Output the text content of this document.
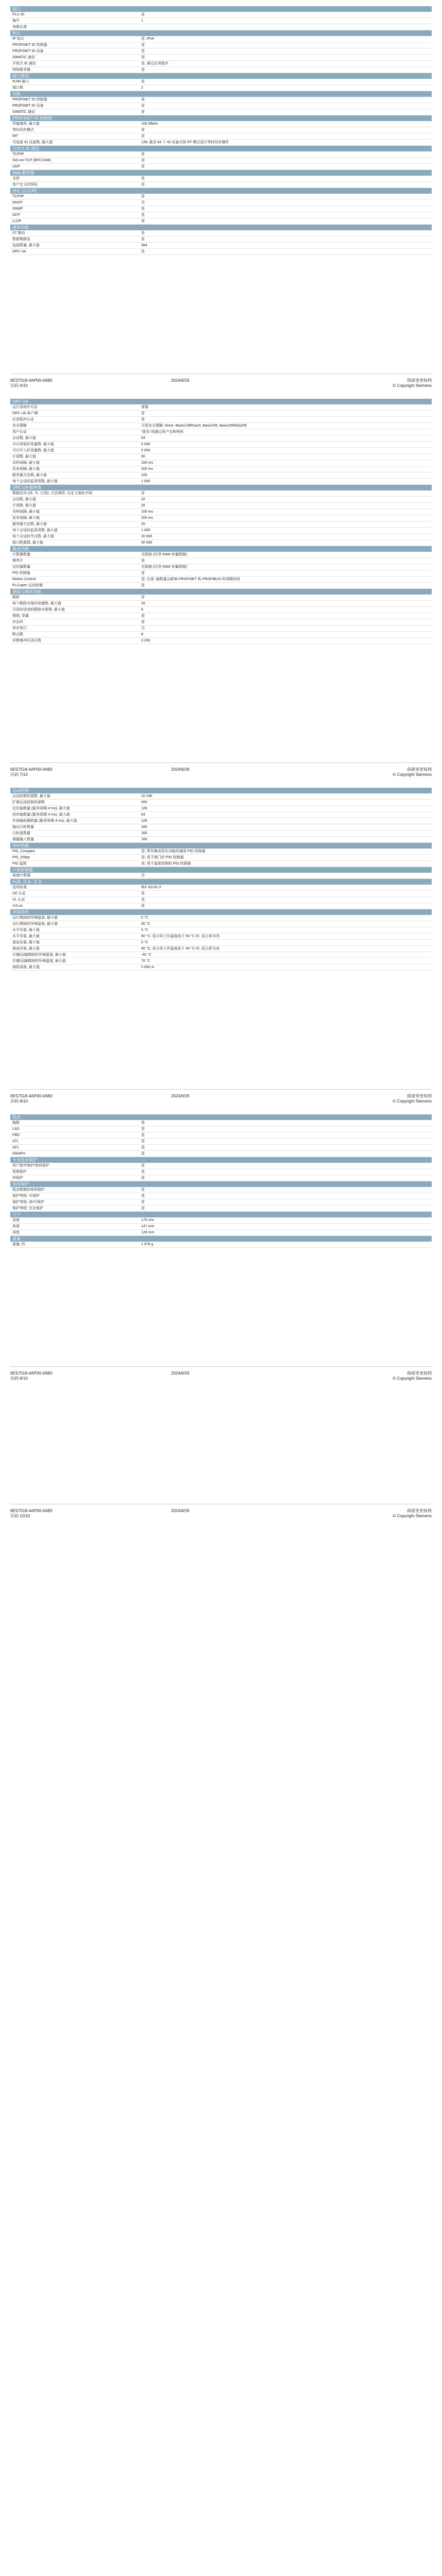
接口
PLC-IO	是
编号	1
电缆长度
协议
IP 协议	是, IPv4
PROFINET IO 控制器	是
PROFINET IO 设备	是
SIMATIC 通信	是
开放式 IE 通信	是, 通过应用程序
网络服务器	是
接口类型
RJ45 插口	是
端口数	2
功能
PROFINET IO 控制器	是
PROFINET IO 设备	是
SIMATIC 通信	是
PROFINET IO 控制器
传输速率, 最大值	100 Mbit/s
等时同步模式	是
IRT	是
可连接 IO 设备数, 最大值	128; 最多 64 个 IO 设备可按 RT 模式进行等时同步操作
开放式 IE 通信
TCP/IP	是
ISO-on-TCP (RFC1006)	是
UDP	是
Web 服务器
支持	是
用户定义的网站	是
协议 (以太网)
TCP/IP	是
DHCP	否
SNMP	是
DCP	是
LLDP	是
通讯功能
S7 路由	是
数据集路由	是
连接数量, 最大值	384
OPC UA	是
6ES7518-4AP00-0AB0
页码 6/10
2024/6/26	保留变更权利
© Copyright Siemens
OPC UA
运行系统许可证	需要
OPC UA 客户端	是
应用程序认证	是
安全策略	可用安全策略: None, Basic128Rsa15, Basic256, Basic256Sha256
用户认证	"匿名"或通过用户名和密码
会话数, 最大值	64
可以读取的变量数, 最大值	5 000
可以写入的变量数, 最大值	5 000
订阅数, 最大值	50
采样间隔, 最小值	100 ms
发布间隔, 最小值	200 ms
服务器方法数, 最大值	100
每个会话的监视项数, 最大值	1 000
OPC UA 服务器
数据访问 (读, 写, 订阅), 方法调用, 自定义地址空间	是
会话数, 最大值	32
订阅数, 最大值	20
采样间隔, 最小值	100 ms
发布间隔, 最小值	200 ms
服务器方法数, 最大值	20
每个会话的监视项数, 最大值	1 000
每个会话的节点数, 最大值	20 000
接口配置数, 最大值	30 000
集成功能
计数器数量	无限制 (仅受 RAM 容量限制)
频率计	是
定时器数量	无限制 (仅受 RAM 容量限制)
PID 控制器	是
Motion Control	是; 注意: 轴数量会影响 PROFINET 和 PROFIBUS 的周期时间
PLCopen 运动控制	是
测试与调试功能
跟踪	是
每个跟踪对象的变量数, 最大值	16
可同时活动的跟踪对象数, 最大值	8
强制, 变量	是
状态块	是
单步执行	否
断点数	8
诊断缓冲区条目数	3 200
6ES7518-4AP00-0AB0
页码 7/10
2024/6/26	保留变更权利
© Copyright Siemens
运动控制
运动控制资源数, 最大值	10 240
扩展运动控制资源数	500
定位轴数量 (服务周期 4 ms), 最大值	128
同步轴数量 (服务周期 4 ms), 最大值	64
外部编码器数量 (服务周期 4 ms), 最大值	128
输出凸轮数量	160
凸轮盘数量	160
测量输入数量	160
闭环控制
PID_Compact	是; 带有集成优化功能的通用 PID 控制器
PID_3Step	是; 用于阀门的 PID 控制器
PID 温度	是; 用于温度控制的 PID 控制器
计数和测量
高速计数器	否
标准, 认证, 证书
适用标准	IEC 61131-2
CE 认证	是
UL 认证	是
cULus	是
环境条件
运行期间的环境温度, 最小值	0 °C
运行期间的环境温度, 最大值	60 °C
水平安装, 最小值	0 °C
水平安装, 最大值	60 °C; 显示屏工作温度高于 50 °C 时, 显示屏关闭
垂直安装, 最小值	0 °C
垂直安装, 最大值	40 °C; 显示屏工作温度高于 40 °C 时, 显示屏关闭
存储/运输期间的环境温度, 最小值	-40 °C
存储/运输期间的环境温度, 最大值	70 °C
海拔高度, 最大值	5 000 m
6ES7518-4AP00-0AB0
页码 8/10
2024/6/26	保留变更权利
© Copyright Siemens
组态
编程	是
LAD	是
FBD	是
STL	是
SCL	是
GRAPH	是
专有技术保护
用户程序保护/密码保护	是
复制保护	是
块保护	是
访问保护
组态数据的密码保护	是
保护等级: 写保护	是
保护等级: 读/写保护	是
保护等级: 完全保护	是
尺寸
宽度	175 mm
高度	147 mm
深度	129 mm
重量
重量, 约	1 978 g
6ES7518-4AP00-0AB0
页码 9/10
2024/6/26	保留变更权利
© Copyright Siemens
6ES7518-4AP00-0AB0
页码 10/10
2024/6/26	保留变更权利
© Copyright Siemens
